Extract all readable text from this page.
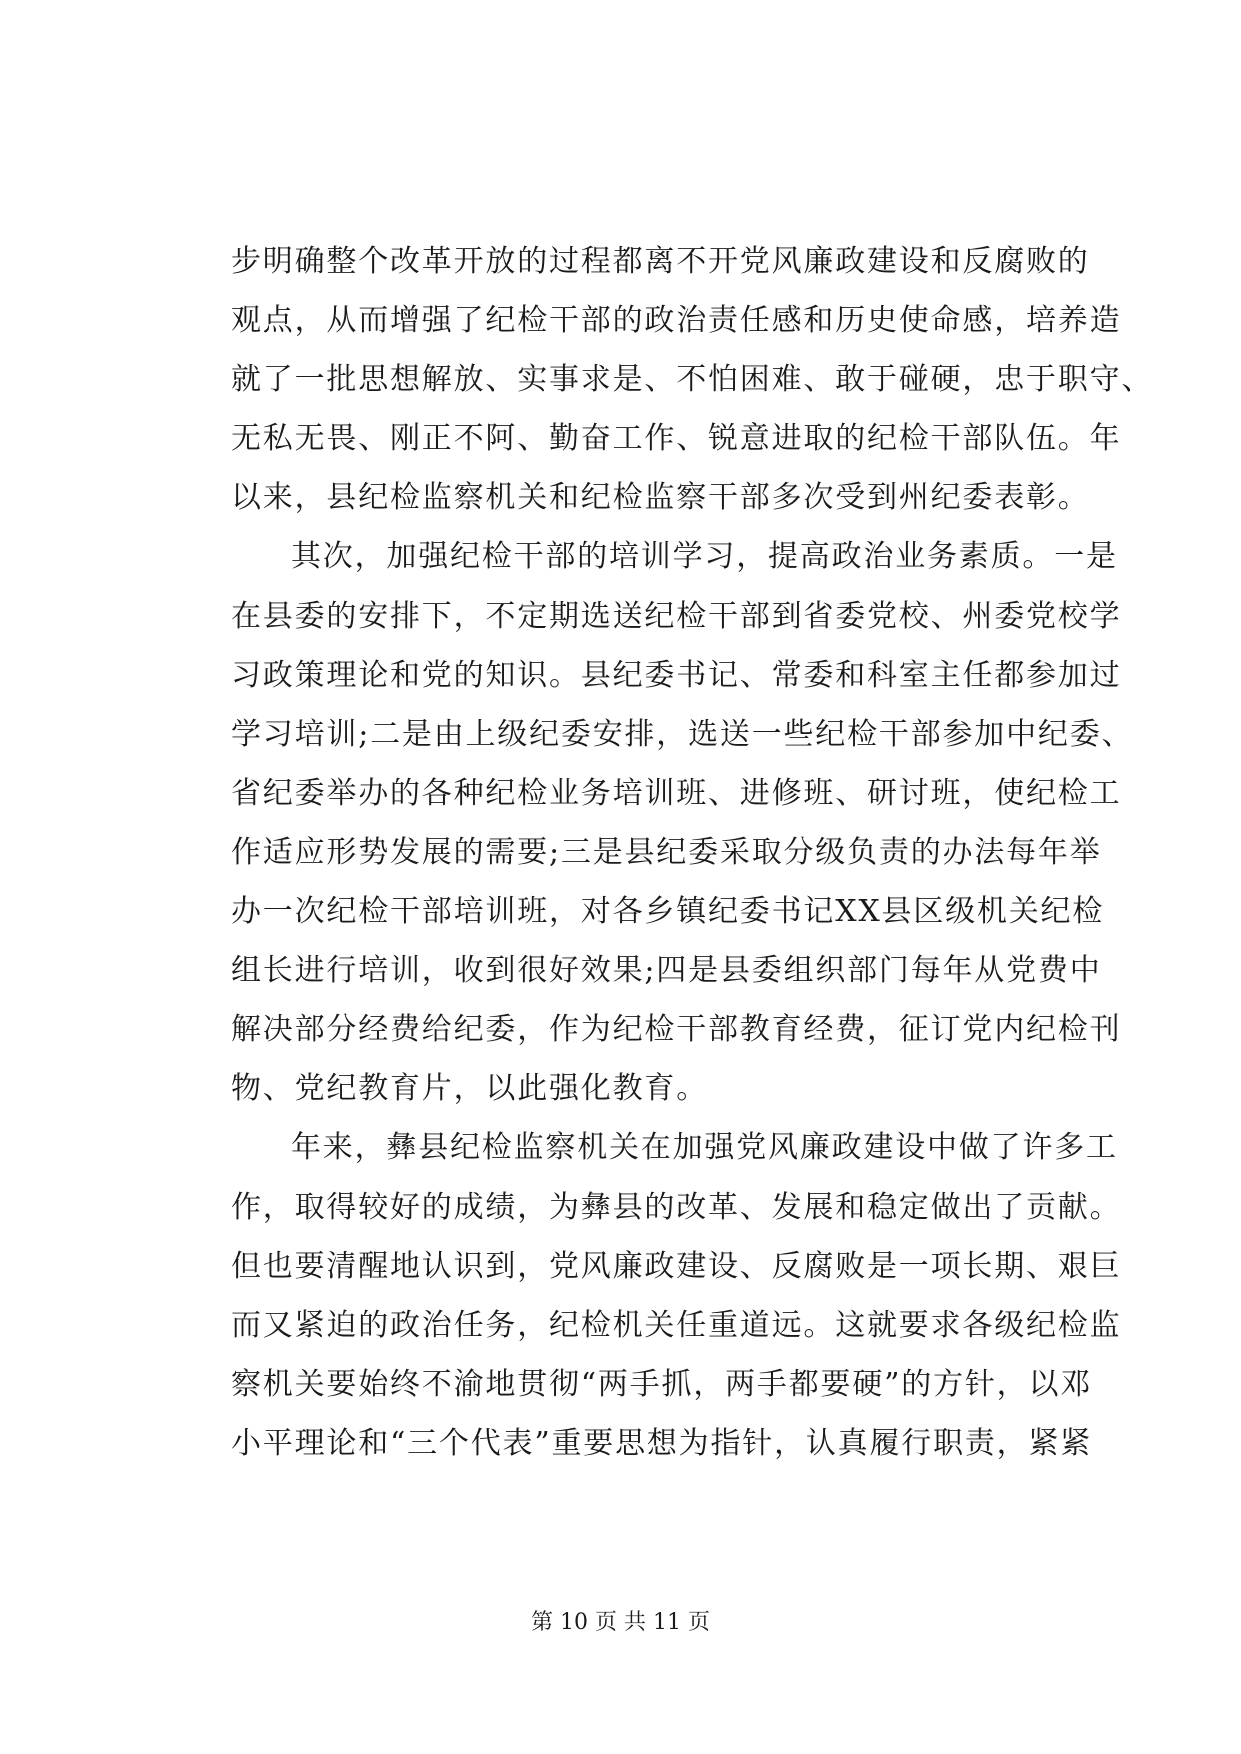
步明确整个改革开放的过程都离不开党风廉政建设和反腐败的
观点，从而增强了纪检干部的政治责任感和历史使命感，培养造
就了一批思想解放、实事求是、不怕困难、敢于碰硬，忠于职守、
无私无畏、刚正不阿、勤奋工作、锐意进取的纪检干部队伍。年
以来，县纪检监察机关和纪检监察干部多次受到州纪委表彰。
其次，加强纪检干部的培训学习，提高政治业务素质。一是
在县委的安排下，不定期选送纪检干部到省委党校、州委党校学
习政策理论和党的知识。县纪委书记、常委和科室主任都参加过
学习培训;二是由上级纪委安排，选送一些纪检干部参加中纪委、
省纪委举办的各种纪检业务培训班、进修班、研讨班，使纪检工
作适应形势发展的需要;三是县纪委采取分级负责的办法每年举
办一次纪检干部培训班，对各乡镇纪委书记XX县区级机关纪检
组长进行培训，收到很好效果;四是县委组织部门每年从党费中
解决部分经费给纪委，作为纪检干部教育经费，征订党内纪检刊
物、党纪教育片，以此强化教育。
年来，彝县纪检监察机关在加强党风廉政建设中做了许多工
作，取得较好的成绩，为彝县的改革、发展和稳定做出了贡献。
但也要清醒地认识到，党风廉政建设、反腐败是一项长期、艰巨
而又紧迫的政治任务，纪检机关任重道远。这就要求各级纪检监
察机关要始终不渝地贯彻“两手抓，两手都要硬”的方针，以邓
小平理论和“三个代表”重要思想为指针，认真履行职责，紧紧
第 10 页 共 11 页
